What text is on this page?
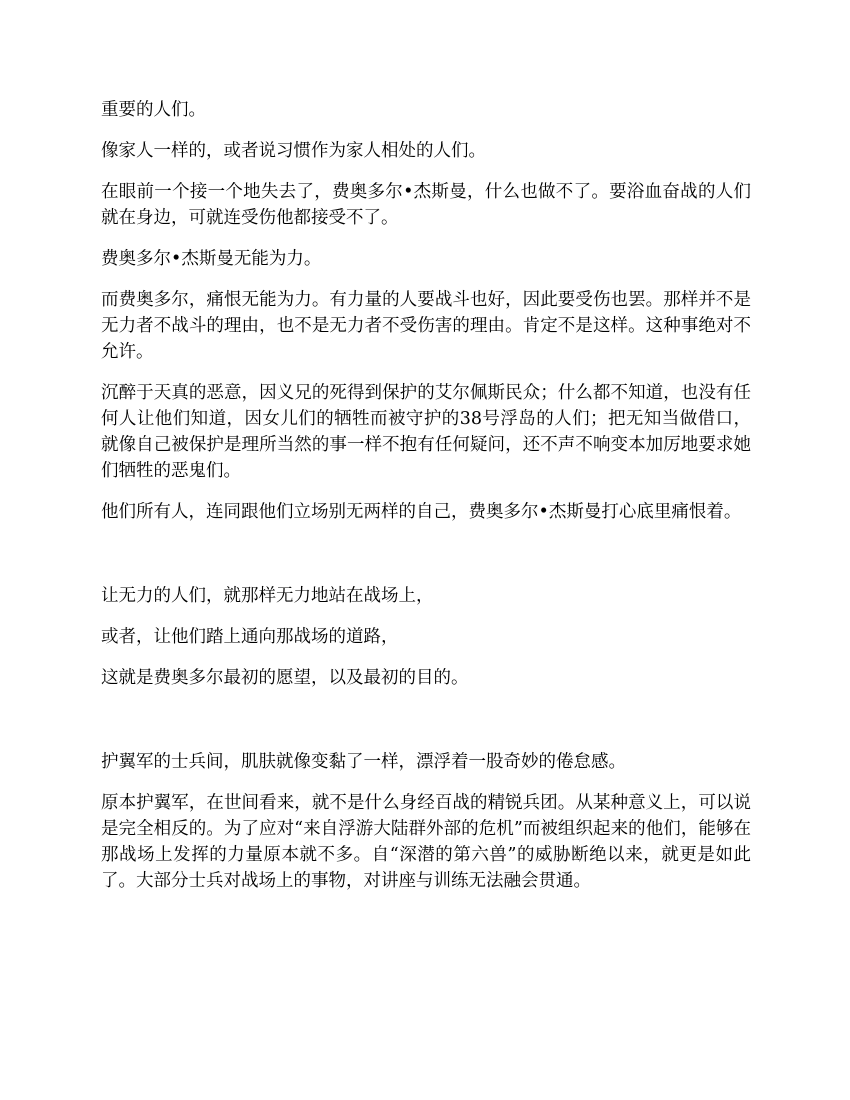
重要的人们。

像家人一样的，或者说习惯作为家人相处的人们。

在眼前一个接一个地失去了，费奥多尔•杰斯曼，什么也做不了。要浴血奋战的人们就在身边，可就连受伤他都接受不了。

费奥多尔•杰斯曼无能为力。

而费奥多尔，痛恨无能为力。有力量的人要战斗也好，因此要受伤也罢。那样并不是无力者不战斗的理由，也不是无力者不受伤害的理由。肯定不是这样。这种事绝对不允许。

沉醉于天真的恶意，因义兄的死得到保护的艾尔佩斯民众；什么都不知道，也没有任何人让他们知道，因女儿们的牺牲而被守护的38号浮岛的人们；把无知当做借口，就像自己被保护是理所当然的事一样不抱有任何疑问，还不声不响变本加厉地要求她们牺牲的恶鬼们。

他们所有人，连同跟他们立场别无两样的自己，费奥多尔•杰斯曼打心底里痛恨着。

让无力的人们，就那样无力地站在战场上，

或者，让他们踏上通向那战场的道路，

这就是费奥多尔最初的愿望，以及最初的目的。

护翼军的士兵间，肌肤就像变黏了一样，漂浮着一股奇妙的倦怠感。

原本护翼军，在世间看来，就不是什么身经百战的精锐兵团。从某种意义上，可以说是完全相反的。为了应对“来自浮游大陆群外部的危机”而被组织起来的他们，能够在那战场上发挥的力量原本就不多。自“深潜的第六兽”的威胁断绝以来，就更是如此了。大部分士兵对战场上的事物，对讲座与训练无法融会贯通。
